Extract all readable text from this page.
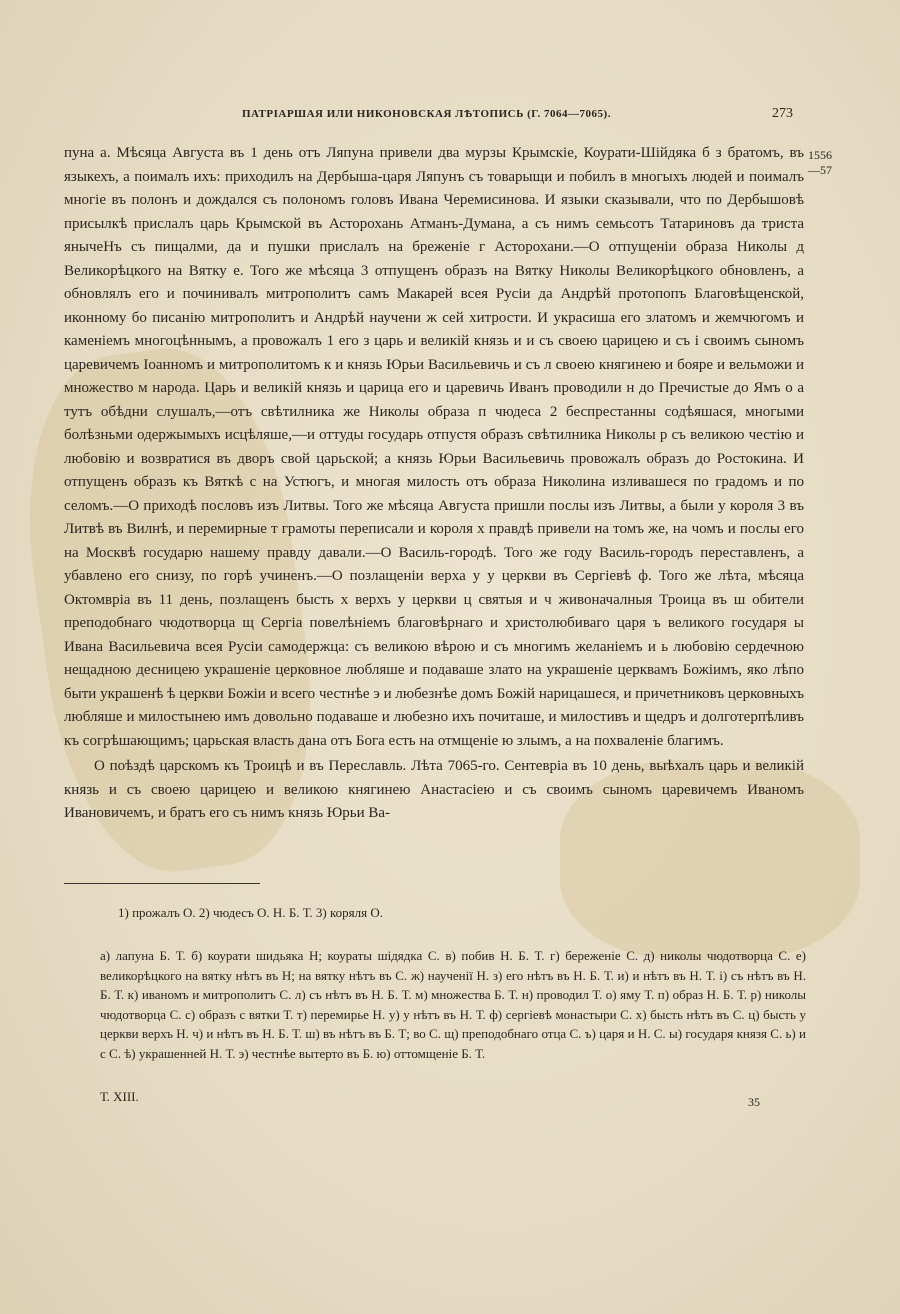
ПАТРІАРШАЯ ИЛИ НИКОНОВСКАЯ ЛѢТОПИСЬ (Г. 7064—7065).	273
1556
—57

пуна а. Мѣсяца Августа въ 1 день отъ Ляпуна привели два мурзы Крымскіе, Коурати-Шійдяка б з братомъ, въ языкехъ, а поималъ ихъ: приходилъ на Дербыша-царя Ляпунъ съ товарыщи и побилъ в многыхъ людей и поималъ многіе въ полонъ и дождался съ полономъ головъ Ивана Черемисинова. И языки сказывали, что по Дербышовѣ присылкѣ прислалъ царь Крымской въ Асторохань Атманъ-Думана, а съ нимъ семьсотъ Татариновъ да триста янычеНъ съ пищалми, да и пушки прислалъ на бреженіе г Асторохани.—О отпущеніи образа Николы д Великорѣцкого на Вятку е. Того же мѣсяца 3 отпущенъ образъ на Вятку Николы Великорѣцкого обновленъ, а обновлялъ его и починивалъ митрополитъ самъ Макарей всея Русіи да Андрѣй протопопъ Благовѣщенской, иконному бо писанію митрополитъ и Андрѣй научени ж сей хитрости. И украсиша его златомъ и жемчюгомъ и каменіемъ многоцѣннымъ, а провожалъ 1 его з царь и великій князь и и съ своею царицею и съ і своимъ сыномъ царевичемъ Іоанномъ и митрополитомъ к и князь Юрьи Васильевичь и съ л своею княгинею и бояре и вельможи и множество м народа. Царь и великій князь и царица его и царевичь Иванъ проводили н до Пречистые до Ямъ о а тутъ обѣдни слушалъ,—отъ свѣтилника же Николы образа п чюдеса 2 беспрестанны содѣяшася, многыми болѣзньми одержымыхъ исцѣляше,—и оттуды государь отпустя образъ свѣтилника Николы р съ великою честію и любовію и возвратися въ дворъ свой царьской; а князь Юрьи Васильевичь провожалъ образъ до Ростокина. И отпущенъ образъ къ Вяткѣ с на Устюгъ, и многая милость отъ образа Николина изливашеся по градомъ и по селомъ.—О приходѣ пословъ изъ Литвы. Того же мѣсяца Августа пришли послы изъ Литвы, а были у короля 3 въ Литвѣ въ Вилнѣ, и перемирные т грамоты переписали и короля х правдѣ привели на томъ же, на чомъ и послы его на Москвѣ государю нашему правду давали.—О Василь-городѣ. Того же году Василь-городъ переставленъ, а убавлено его снизу, по горѣ учиненъ.—О позлащеніи верха у у церкви въ Сергіевѣ ф. Того же лѣта, мѣсяца Октомвріа въ 11 день, позлащенъ бысть х верхъ у церкви ц святыя и ч живоначалныя Троица въ ш обители преподобнаго чюдотворца щ Сергіа повелѣніемъ благовѣрнаго и христолюбиваго царя ъ великого государя ы Ивана Васильевича всея Русіи самодержца: съ великою вѣрою и съ многимъ желаніемъ и ь любовію сердечною нещадною десницею украшеніе церковное любляше и подаваше злато на украшеніе церквамъ Божіимъ, яко лѣпо быти украшенѣ ѣ церкви Божіи и всего честнѣе э и любезнѣе домъ Божій нарицашеся, и причетниковъ церковныхъ любляше и милостынею имъ довольно подаваше и любезно ихъ почиташе, и милостивъ и щедръ и долготерпѣливъ къ согрѣшающимъ; царьская власть дана отъ Бога есть на отмщеніе ю злымъ, а на похваленіе благимъ.

О поѣздѣ царскомъ къ Троицѣ и въ Переславль. Лѣта 7065-го. Сентевріа въ 10 день, выѣхалъ царь и великій князь и съ своею царицею и великою княгинею Анастасіею и съ своимъ сыномъ царевичемъ Иваномъ Ивановичемъ, и братъ его съ нимъ князь Юрьи Ва-

1) прожалъ О. 2) чюдесъ О. Н. Б. Т. 3) коряля О.
а) лапуна Б. Т. б) коурати шидьяка Н; коураты шідядка С. в) побив Н. Б. Т. г) береженіе С. д) николы чюдотворца С. е) великорѣцкого на вятку нѣтъ въ Н; на вятку нѣтъ въ С. ж) наученії Н. з) его нѣтъ въ Н. Б. Т. и) и нѣтъ въ Н. Т. і) съ нѣтъ въ Н. Б. Т. к) иваномъ и митрополитъ С. л) съ нѣтъ въ Н. Б. Т. м) множества Б. Т. н) проводил Т. о) яму Т. п) образ Н. Б. Т. р) николы чюдотворца С. с) образъ с вятки Т. т) перемирье Н. у) у нѣтъ въ Н. Т. ф) сергіевѣ монастыри С. х) бысть нѣтъ въ С. ц) бысть у церкви верхъ Н. ч) и нѣтъ въ Н. Б. Т. ш) въ нѣтъ въ Б. Т; во С. щ) преподобнаго отца С. ъ) царя и Н. С. ы) государя князя С. ь) и с С. ѣ) украшенней Н. Т. э) честнѣе вытерто въ Б. ю) оттомщеніе Б. Т.
Т. XIII.	35
